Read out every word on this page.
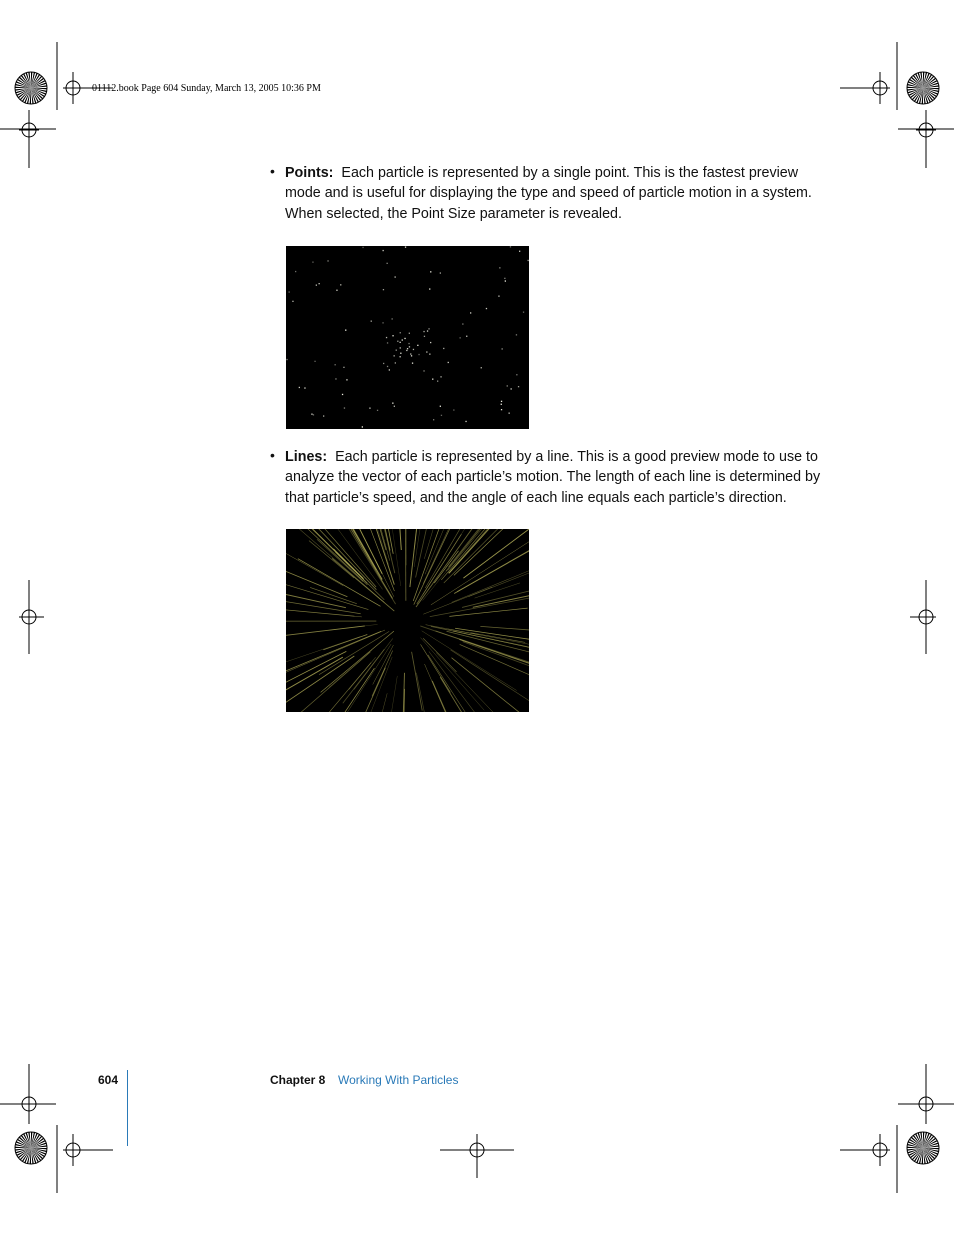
01112.book Page 604 Sunday, March 13, 2005 10:36 PM
• Points: Each particle is represented by a single point. This is the fastest preview mode and is useful for displaying the type and speed of particle motion in a system. When selected, the Point Size parameter is revealed.
• Lines: Each particle is represented by a line. This is a good preview mode to use to analyze the vector of each particle’s motion. The length of each line is determined by that particle’s speed, and the angle of each line equals each particle’s direction.
604	Chapter 8 Working With Particles
